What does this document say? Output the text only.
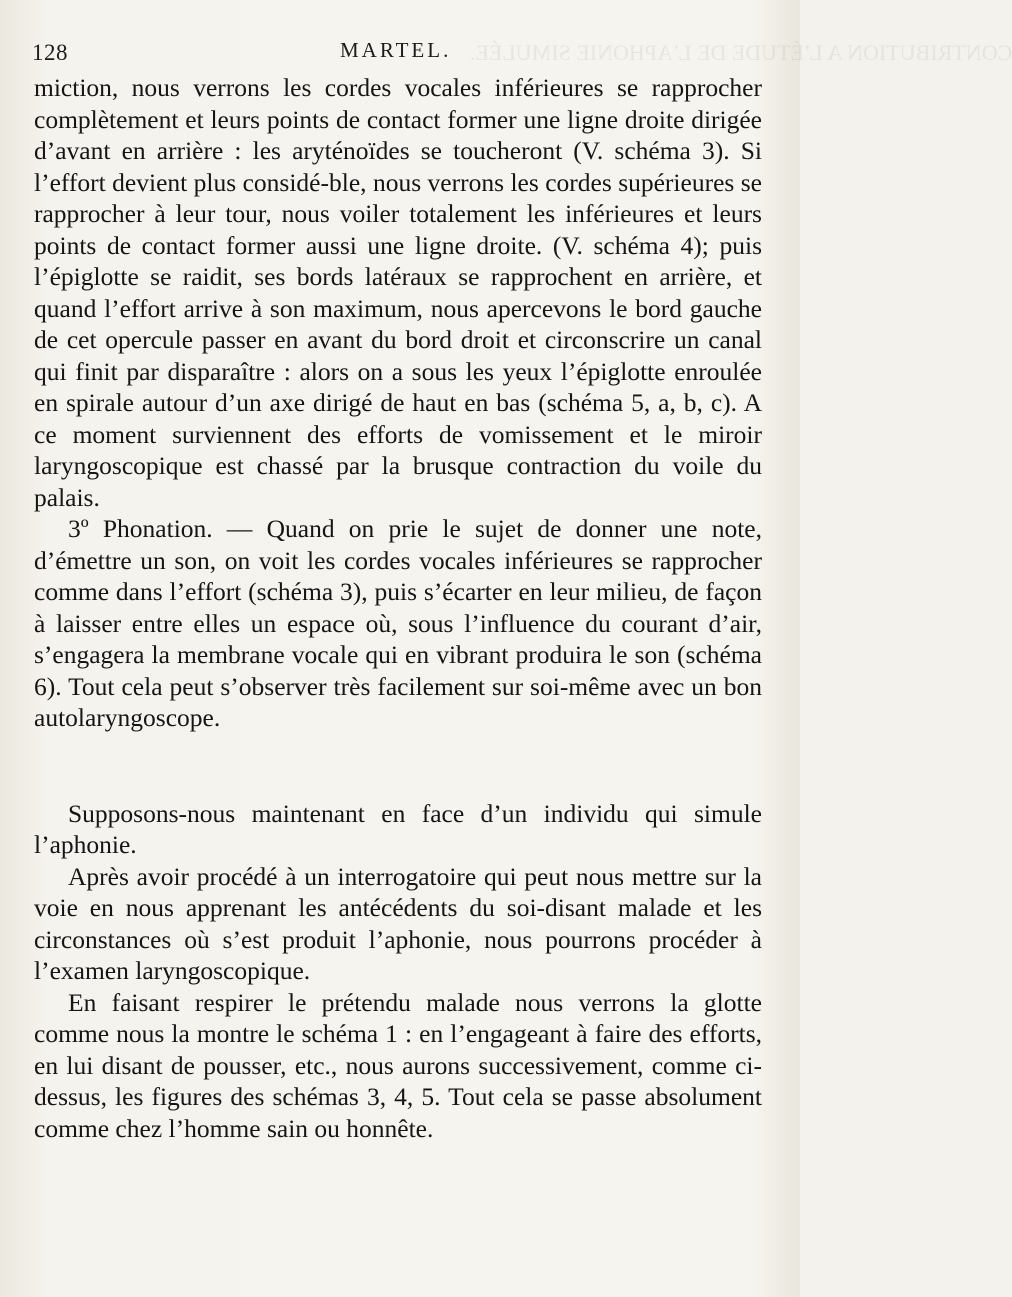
CONTRIBUTION A L’ÉTUDE DE L’APHONIE SIMULÉE.
128	MARTEL.

miction, nous verrons les cordes vocales inférieures se rapprocher complètement et leurs points de contact former une ligne droite dirigée d’avant en arrière : les aryténoïdes se toucheront (V. schéma 3). Si l’effort devient plus considé-ble, nous verrons les cordes supérieures se rapprocher à leur tour, nous voiler totalement les inférieures et leurs points de contact former aussi une ligne droite. (V. schéma 4); puis l’épiglotte se raidit, ses bords latéraux se rapprochent en arrière, et quand l’effort arrive à son maximum, nous apercevons le bord gauche de cet opercule passer en avant du bord droit et circonscrire un canal qui finit par disparaître : alors on a sous les yeux l’épiglotte enroulée en spirale autour d’un axe dirigé de haut en bas (schéma 5, a, b, c). A ce moment surviennent des efforts de vomissement et le miroir laryngoscopique est chassé par la brusque contraction du voile du palais.

3º Phonation. — Quand on prie le sujet de donner une note, d’émettre un son, on voit les cordes vocales inférieures se rapprocher comme dans l’effort (schéma 3), puis s’écarter en leur milieu, de façon à laisser entre elles un espace où, sous l’influence du courant d’air, s’engagera la membrane vocale qui en vibrant produira le son (schéma 6). Tout cela peut s’observer très facilement sur soi-même avec un bon autolaryngoscope.

Supposons-nous maintenant en face d’un individu qui simule l’aphonie.

Après avoir procédé à un interrogatoire qui peut nous mettre sur la voie en nous apprenant les antécédents du soi-disant malade et les circonstances où s’est produit l’aphonie, nous pourrons procéder à l’examen laryngoscopique.

En faisant respirer le prétendu malade nous verrons la glotte comme nous la montre le schéma 1 : en l’engageant à faire des efforts, en lui disant de pousser, etc., nous aurons successivement, comme ci-dessus, les figures des schémas 3, 4, 5. Tout cela se passe absolument comme chez l’homme sain ou honnête.
